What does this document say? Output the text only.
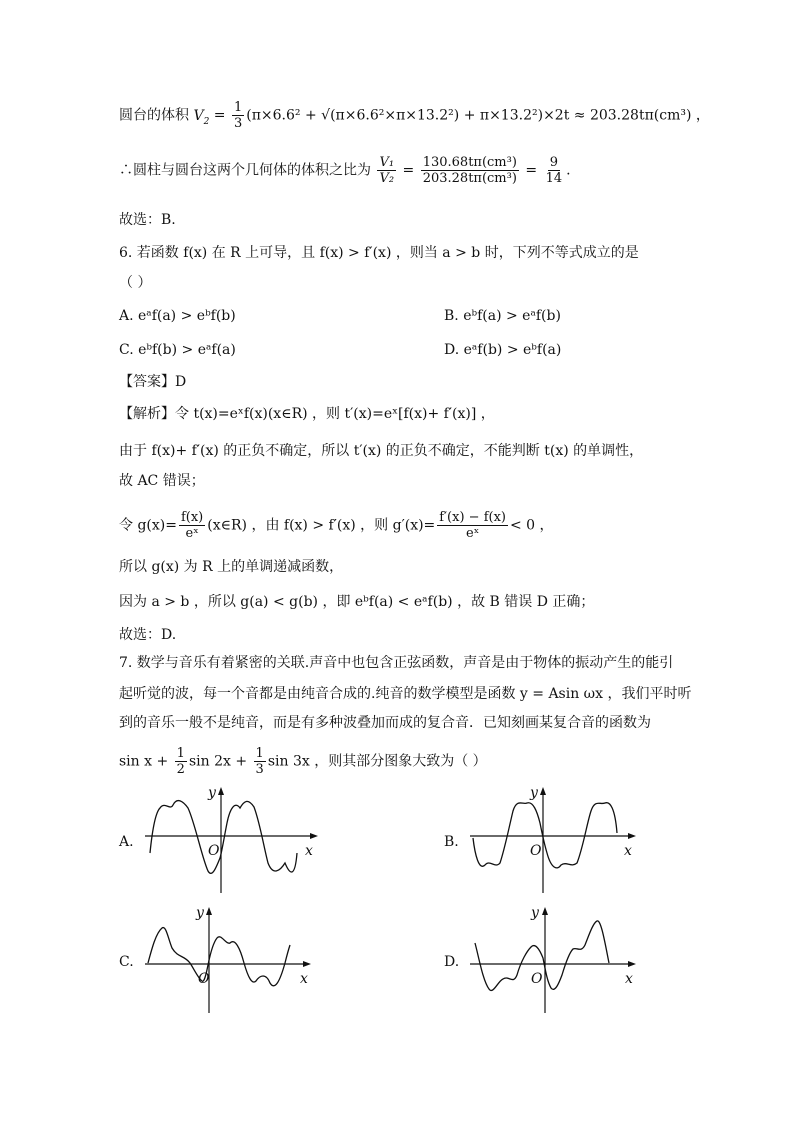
圆台的体积 $V_2 = \frac{1}{3} (\pi\times 6.6^2 + √(\pi\times 6.6^2\times\pi\times 13.2^2) + \pi\times 13.2^2)\times 2t \approx 203.28t\pi(cm^3)$ ，
∴圆柱与圆台这两个几何体的体积之比为 $\frac{\text{V₁}}{\text{V₂}} = \frac{\text{130.68tπ(cm³)}}{\text{203.28tπ(cm³)}} = \frac{9}{14}$ .
故选：B.
6. 若函数 f(x) 在 R 上可导，且 f(x) > f′(x) ，则当 a > b 时，下列不等式成立的是
（ ）
A. eᵃf(a) > eᵇf(b)	B. eᵇf(a) > eᵃf(b)
C. eᵇf(b) > eᵃf(a)	D. eᵃf(b) > eᵇf(a)
【答案】D
【解析】令 t(x)=eˣf(x)(x∈R) ，则 t′(x)=eˣ[f(x)+ f′(x)] ，
由于 f(x)+ f′(x) 的正负不确定，所以 t′(x) 的正负不确定，不能判断 t(x) 的单调性，
故 AC 错误；
令 $g(x)= \frac{f(x)}{\text{eˣ}}$ (x∈R) ，由 f(x) > f′(x) ，则 $g'(x)= \frac{f'(x) - f(x)}{\text{eˣ}} < 0$ ，
所以 g(x) 为 R 上的单调递减函数，
因为 a > b ，所以 g(a) < g(b) ，即 eᵇf(a) < eᵃf(b) ，故 B 错误 D 正确；
故选：D.
7. 数学与音乐有着紧密的关联.声音中也包含正弦函数，声音是由于物体的振动产生的能引
起听觉的波，每一个音都是由纯音合成的.纯音的数学模型是函数 y = Asin ωx ，我们平时听
到的音乐一般不是纯音，而是有多种波叠加而成的复合音．已知刻画某复合音的函数为
$\sin x + \frac{1}{2}$ $\sin 2x + \frac{1}{3}$ sin 3x ，则其部分图象大致为（ ）
A.
O	x
y
B.
O	x
y
C.
O	x
y
D.
O	x
y
